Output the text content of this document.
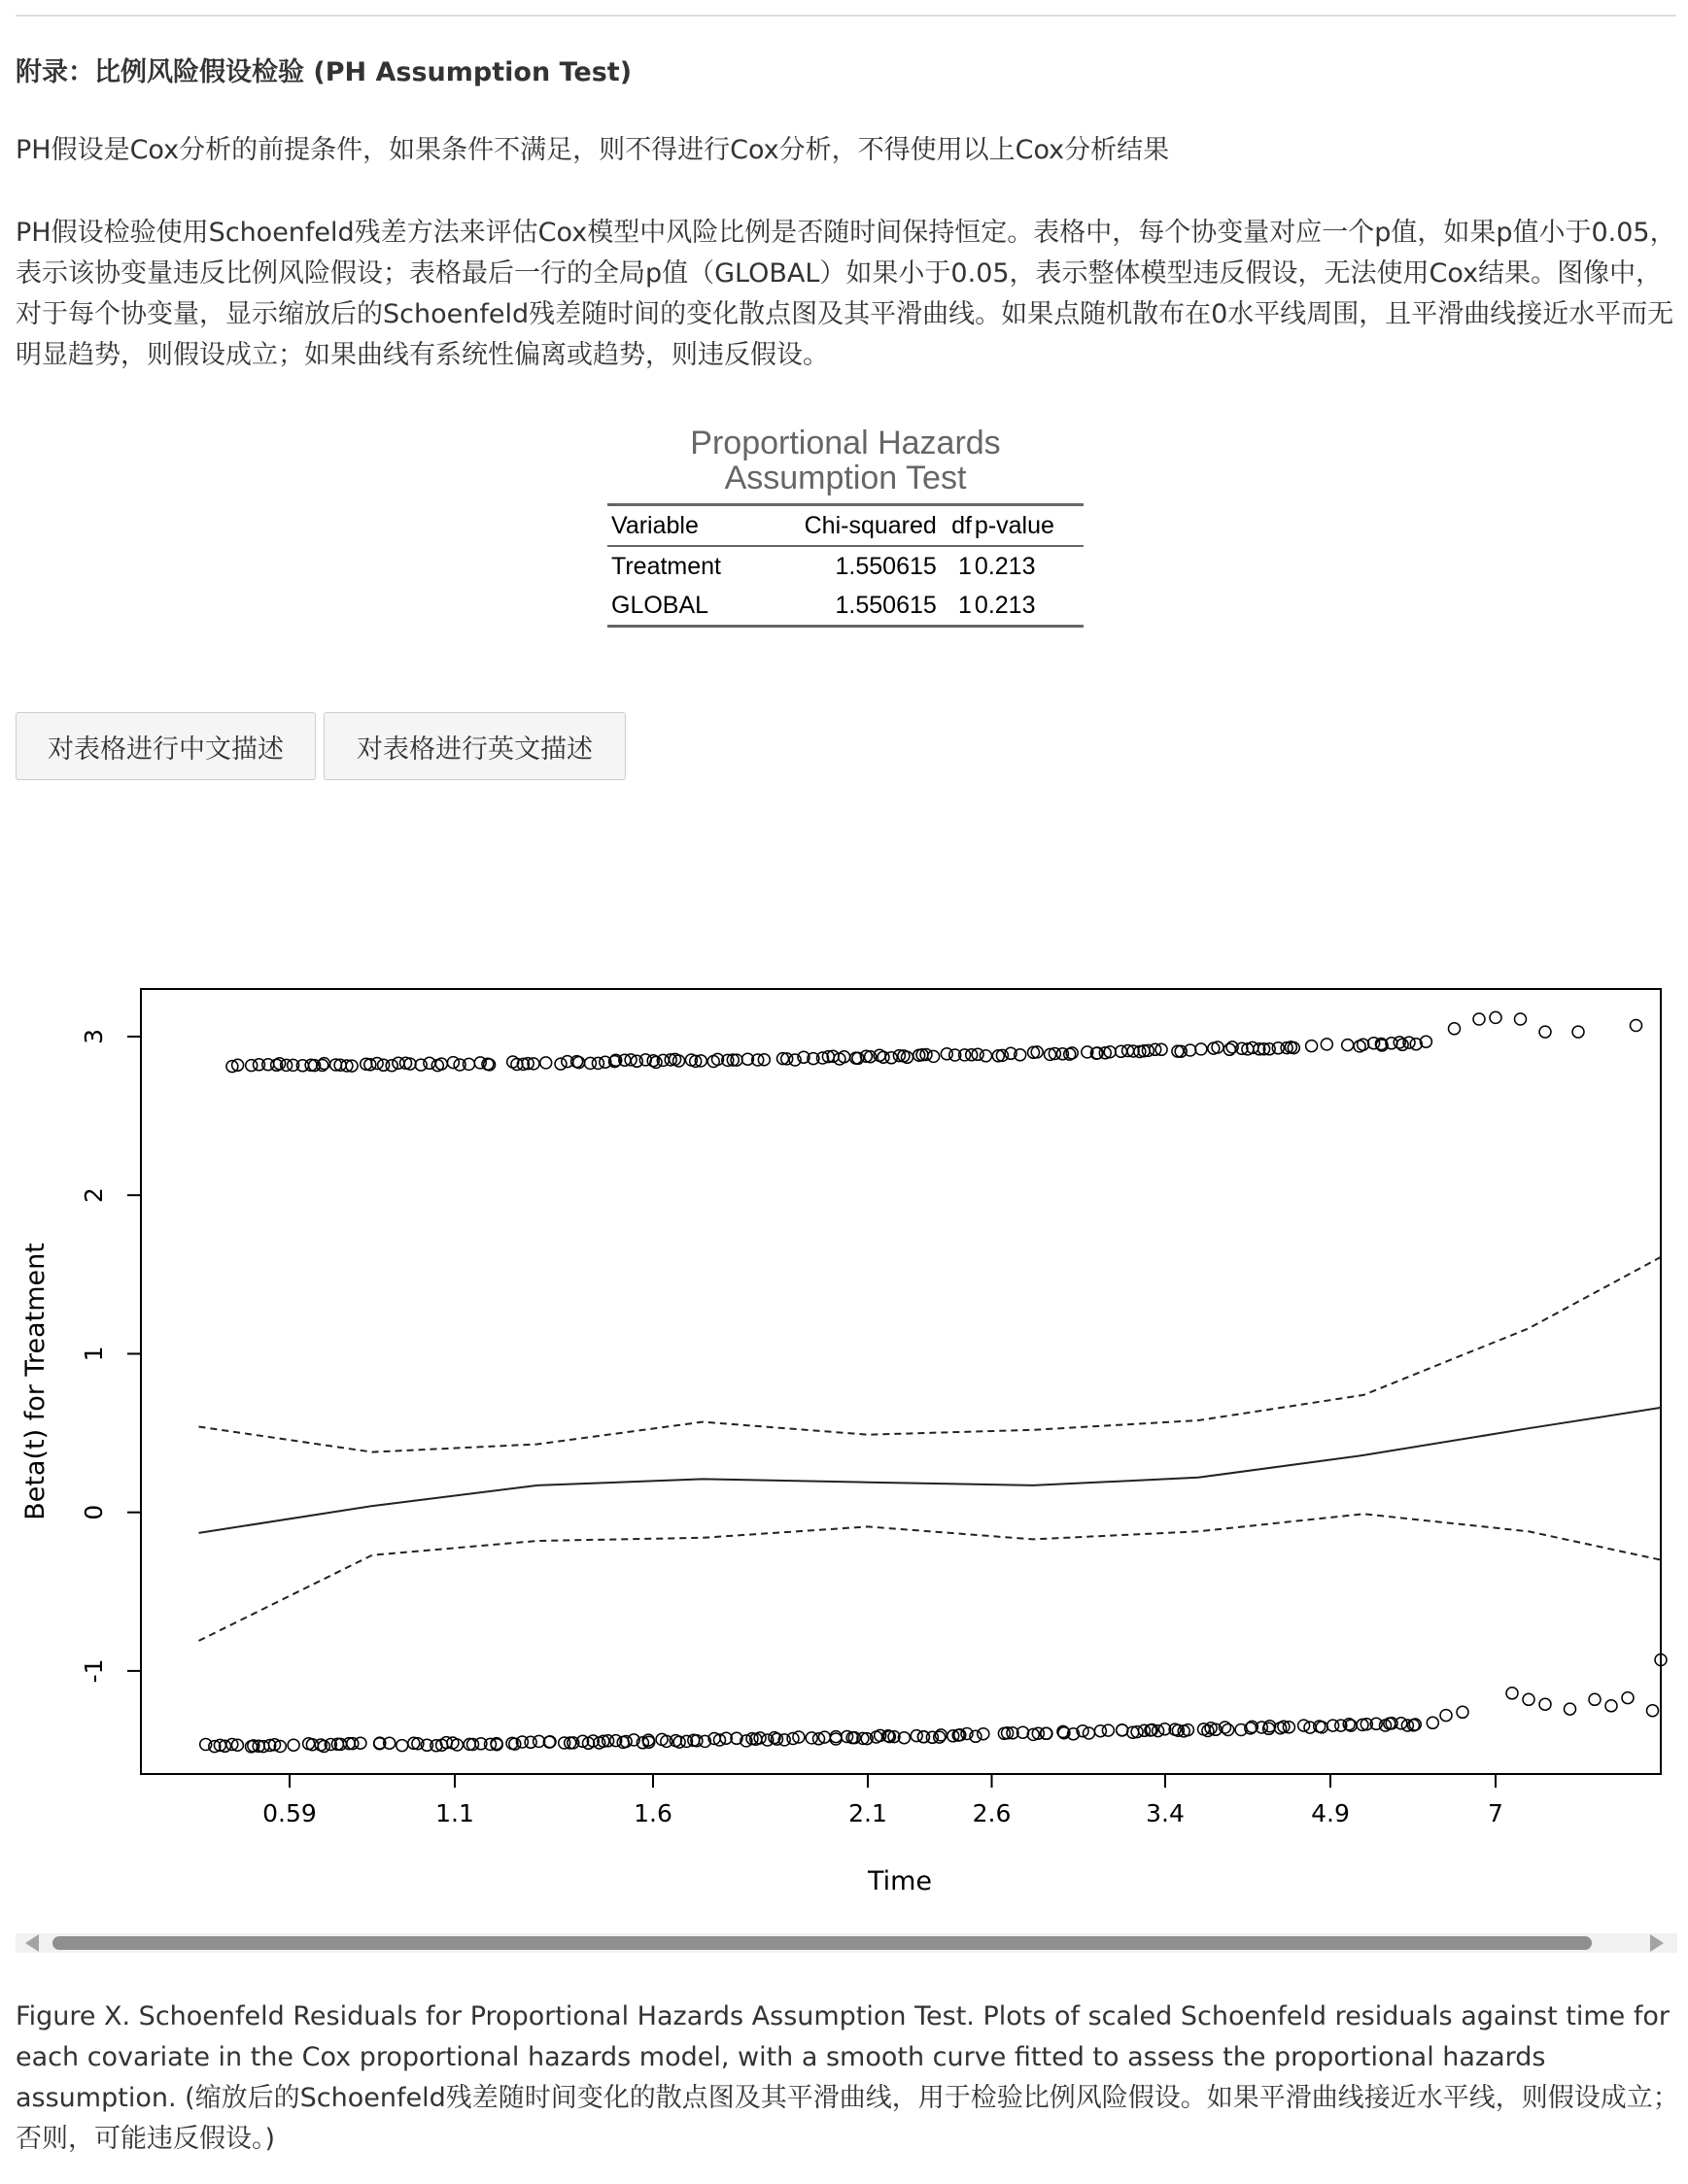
附录：比例风险假设检验 (PH Assumption Test)
PH假设是Cox分析的前提条件，如果条件不满足，则不得进行Cox分析，不得使用以上Cox分析结果
PH假设检验使用Schoenfeld残差方法来评估Cox模型中风险比例是否随时间保持恒定。表格中，每个协变量对应一个p值，如果p值小于0.05，表示该协变量违反比例风险假设；表格最后一行的全局p值（GLOBAL）如果小于0.05，表示整体模型违反假设，无法使用Cox结果。图像中，对于每个协变量，显示缩放后的Schoenfeld残差随时间的变化散点图及其平滑曲线。如果点随机散布在0水平线周围，且平滑曲线接近水平而无明显趋势，则假设成立；如果曲线有系统性偏离或趋势，则违反假设。
Proportional Hazards
Assumption Test
Variable	Chi-squared	df	p-value
Treatment	1.550615	1	0.213
GLOBAL	1.550615	1	0.213
对表格进行中文描述	对表格进行英文描述
0.59	1.1	1.6	2.1	2.6	3.4	4.9	7
-1
0
1
2
3
Time
Beta(t) for Treatment
Figure X. Schoenfeld Residuals for Proportional Hazards Assumption Test. Plots of scaled Schoenfeld residuals against time for each covariate in the Cox proportional hazards model, with a smooth curve fitted to assess the proportional hazards assumption. (缩放后的Schoenfeld残差随时间变化的散点图及其平滑曲线，用于检验比例风险假设。如果平滑曲线接近水平线，则假设成立；否则，可能违反假设。)
